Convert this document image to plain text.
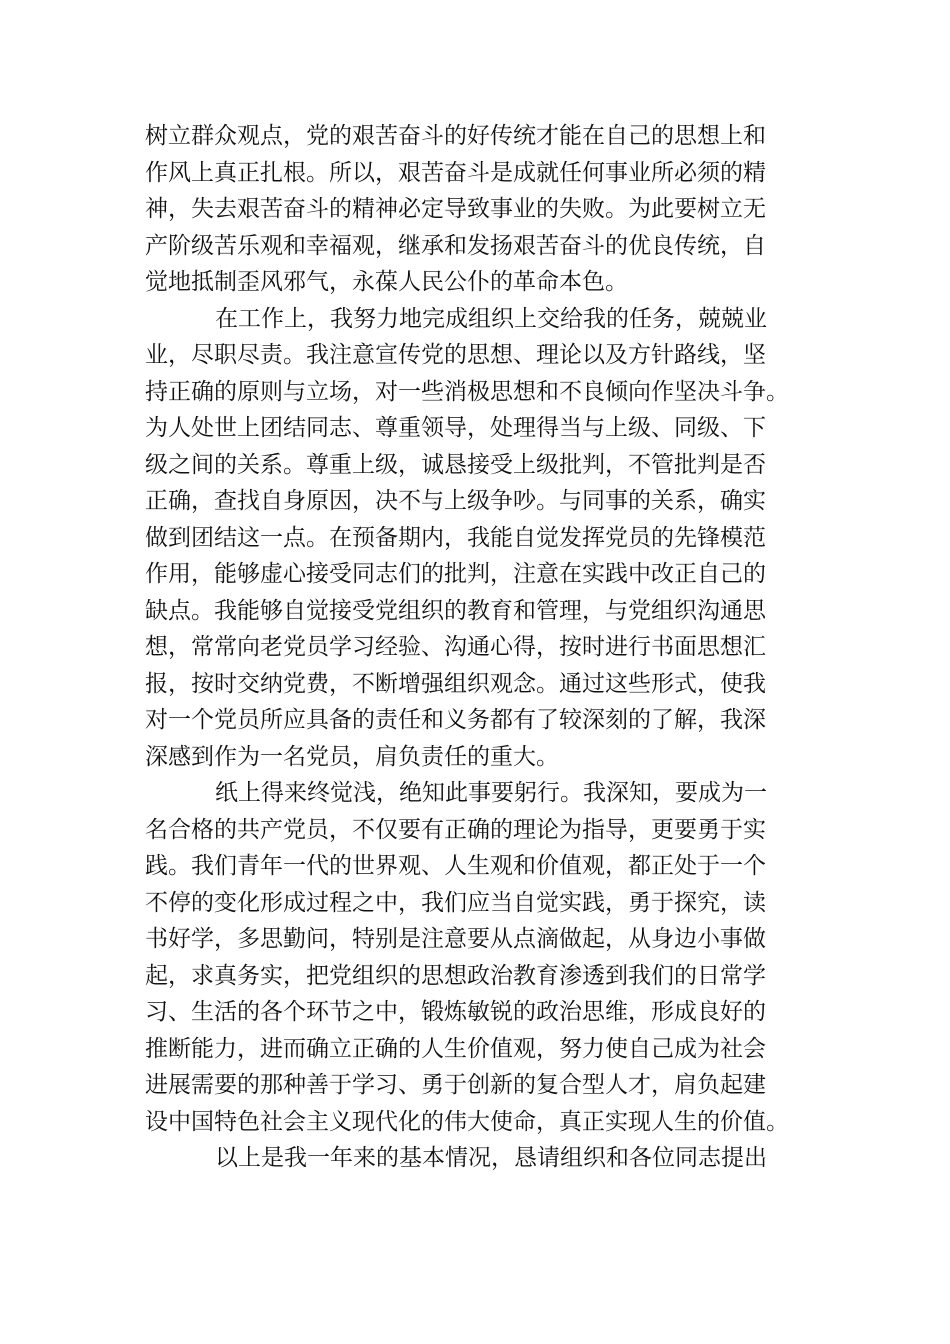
树立群众观点，党的艰苦奋斗的好传统才能在自己的思想上和
作风上真正扎根。所以，艰苦奋斗是成就任何事业所必须的精
神，失去艰苦奋斗的精神必定导致事业的失败。为此要树立无
产阶级苦乐观和幸福观，继承和发扬艰苦奋斗的优良传统，自
觉地抵制歪风邪气，永葆人民公仆的革命本色。
在工作上，我努力地完成组织上交给我的任务，兢兢业
业，尽职尽责。我注意宣传党的思想、理论以及方针路线，坚
持正确的原则与立场，对一些消极思想和不良倾向作坚决斗争。
为人处世上团结同志、尊重领导，处理得当与上级、同级、下
级之间的关系。尊重上级，诚恳接受上级批判，不管批判是否
正确，查找自身原因，决不与上级争吵。与同事的关系，确实
做到团结这一点。在预备期内，我能自觉发挥党员的先锋模范
作用，能够虚心接受同志们的批判，注意在实践中改正自己的
缺点。我能够自觉接受党组织的教育和管理，与党组织沟通思
想，常常向老党员学习经验、沟通心得，按时进行书面思想汇
报，按时交纳党费，不断增强组织观念。通过这些形式，使我
对一个党员所应具备的责任和义务都有了较深刻的了解，我深
深感到作为一名党员，肩负责任的重大。
纸上得来终觉浅，绝知此事要躬行。我深知，要成为一
名合格的共产党员，不仅要有正确的理论为指导，更要勇于实
践。我们青年一代的世界观、人生观和价值观，都正处于一个
不停的变化形成过程之中，我们应当自觉实践，勇于探究，读
书好学，多思勤问，特别是注意要从点滴做起，从身边小事做
起，求真务实，把党组织的思想政治教育渗透到我们的日常学
习、生活的各个环节之中，锻炼敏锐的政治思维，形成良好的
推断能力，进而确立正确的人生价值观，努力使自己成为社会
进展需要的那种善于学习、勇于创新的复合型人才，肩负起建
设中国特色社会主义现代化的伟大使命，真正实现人生的价值。
以上是我一年来的基本情况，恳请组织和各位同志提出
